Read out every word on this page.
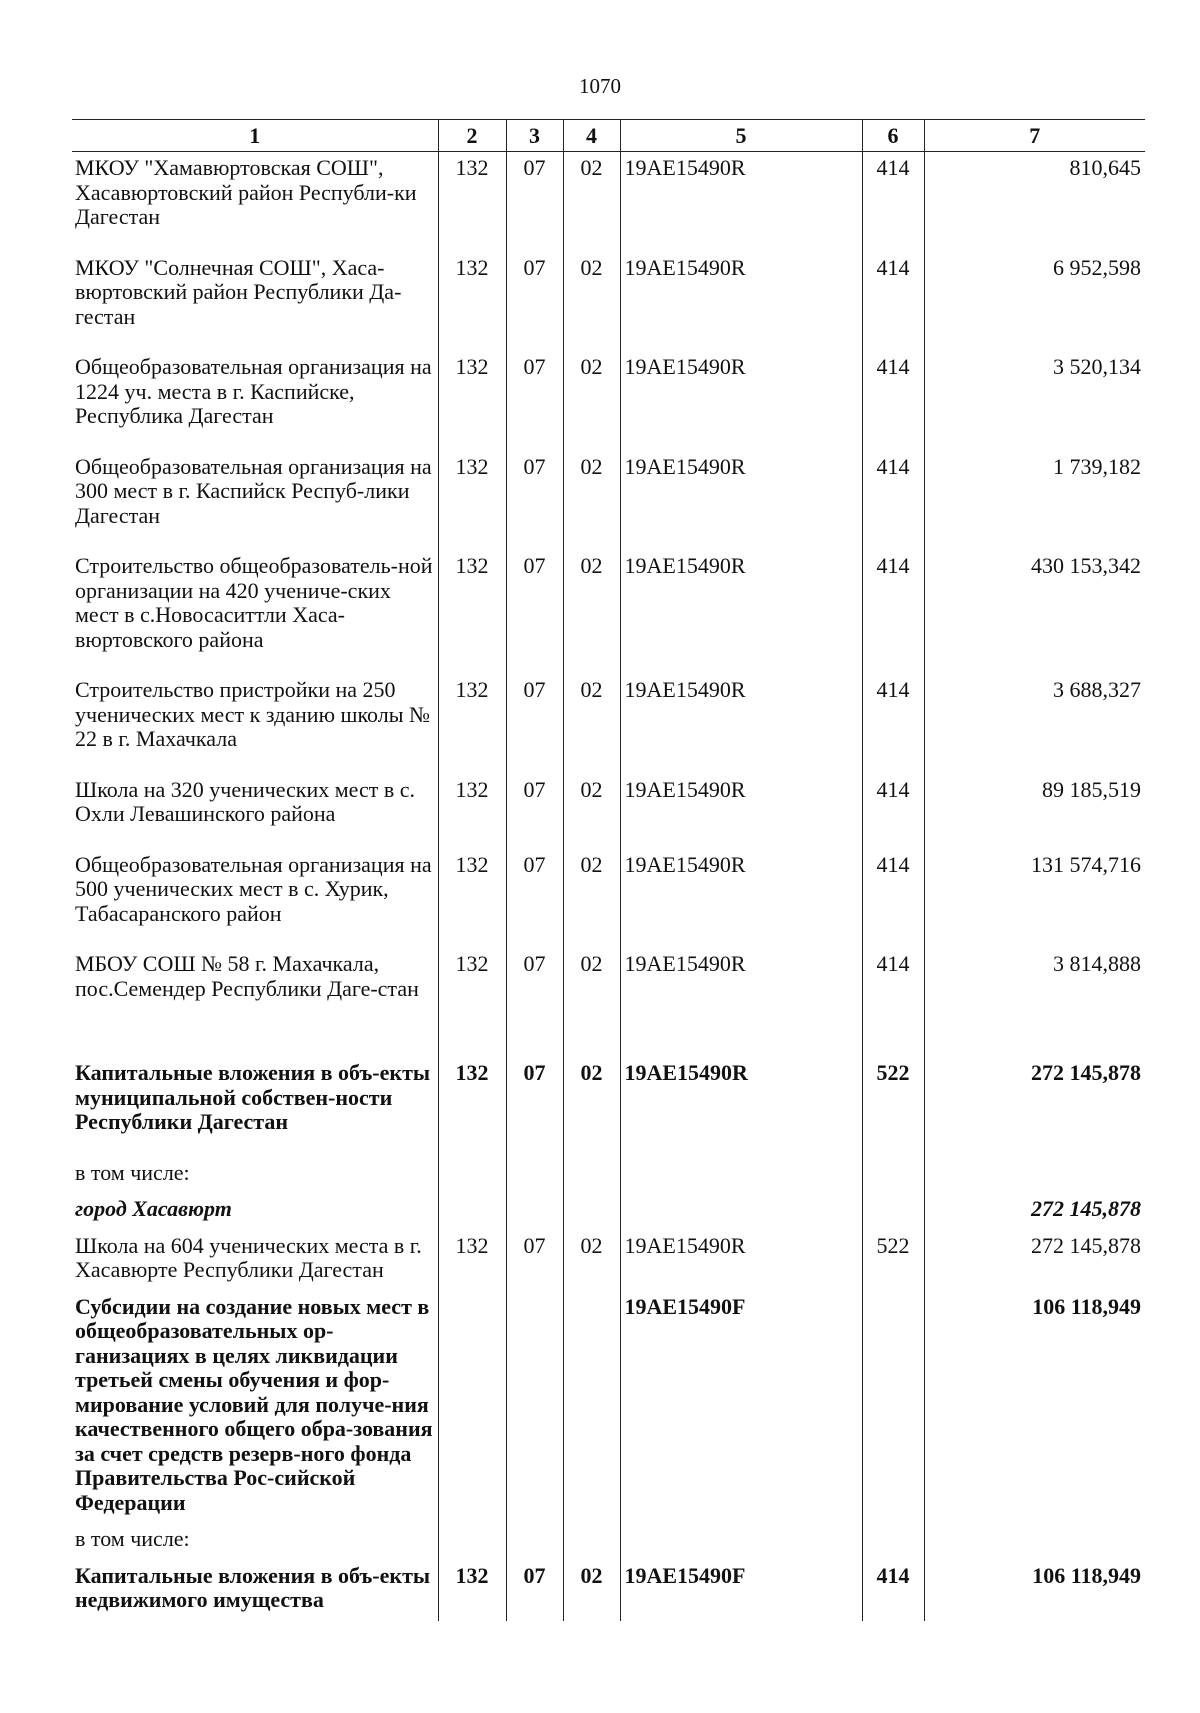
1070
1	2	3	4	5	6	7
МКОУ "Хамавюртовская СОШ", Хасавюртовский район Республи-ки Дагестан	132	07	02	19AE15490R	414	810,645
МКОУ "Солнечная СОШ", Хаса-вюртовский район Республики Да-гестан	132	07	02	19AE15490R	414	6 952,598
Общеобразовательная организация на 1224 уч. места в г. Каспийске, Республика Дагестан	132	07	02	19AE15490R	414	3 520,134
Общеобразовательная организация на 300 мест в г. Каспийск Респуб-лики Дагестан	132	07	02	19AE15490R	414	1 739,182
Строительство общеобразователь-ной организации на 420 учениче-ских мест в с.Новосаситтли Хаса-вюртовского района	132	07	02	19AE15490R	414	430 153,342
Строительство пристройки на 250 ученических мест к зданию школы № 22 в г. Махачкала	132	07	02	19AE15490R	414	3 688,327
Школа на 320 ученических мест в с. Охли Левашинского района	132	07	02	19AE15490R	414	89 185,519
Общеобразовательная организация на 500 ученических мест в с. Хурик, Табасаранского район	132	07	02	19AE15490R	414	131 574,716
МБОУ СОШ № 58 г. Махачкала, пос.Семендер Республики Даге-стан	132	07	02	19AE15490R	414	3 814,888

Капитальные вложения в объ-екты муниципальной собствен-ности Республики Дагестан	132	07	02	19AE15490R	522	272 145,878
в том числе:						
город Хасавюрт						272 145,878
Школа на 604 ученических места в г. Хасавюрте Республики Дагестан	132	07	02	19AE15490R	522	272 145,878
Субсидии на создание новых мест в общеобразовательных ор-ганизациях в целях ликвидации третьей смены обучения и фор-мирование условий для получе-ния качественного общего обра-зования за счет средств резерв-ного фонда Правительства Рос-сийской Федерации				19AE15490F		106 118,949
в том числе:						
Капитальные вложения в объ-екты недвижимого имущества	132	07	02	19AE15490F	414	106 118,949
